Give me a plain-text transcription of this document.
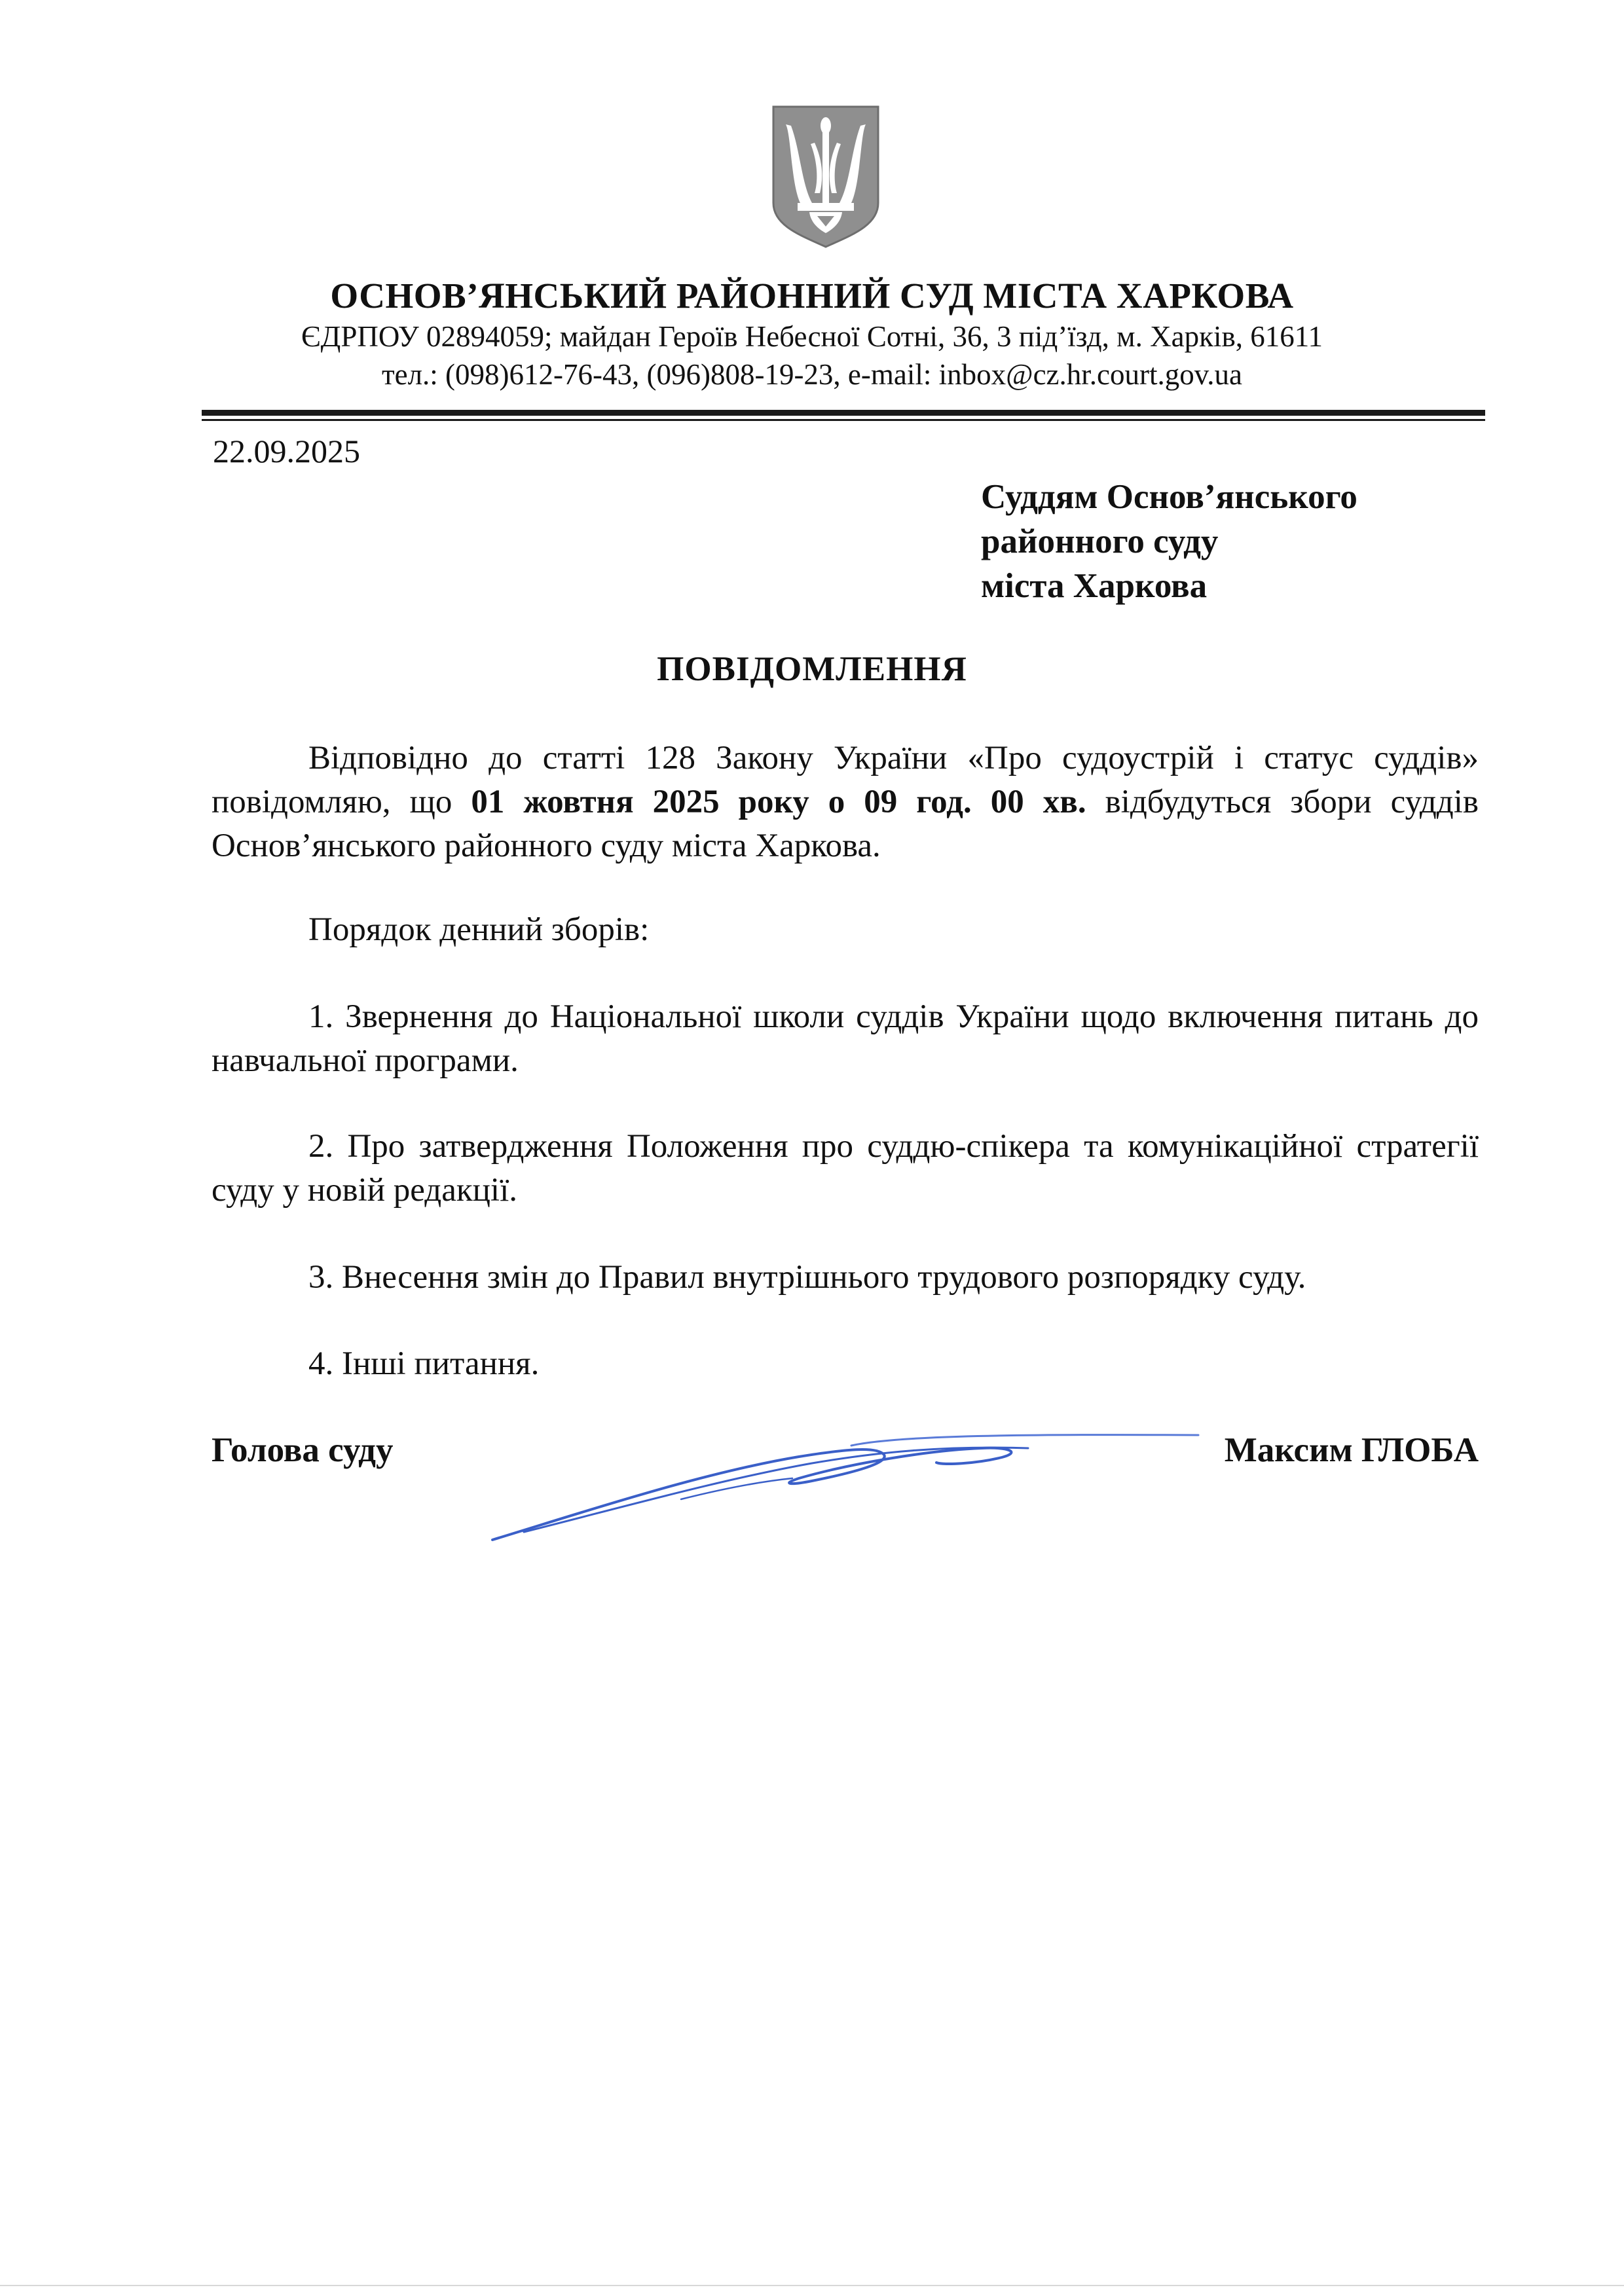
ОСНОВ’ЯНСЬКИЙ РАЙОННИЙ СУД МІСТА ХАРКОВА
ЄДРПОУ 02894059; майдан Героїв Небесної Сотні, 36, 3 під’їзд, м. Харків, 61611
тел.: (098)612-76-43, (096)808-19-23, e-mail: inbox@cz.hr.court.gov.ua
22.09.2025
Суддям Основ’янського
районного суду
міста Харкова
ПОВІДОМЛЕННЯ
Відповідно до статті 128 Закону України «Про судоустрій і статус суддів» повідомляю, що 01 жовтня 2025 року о 09 год. 00 хв. відбудуться збори суддів Основ’янського районного суду міста Харкова.
Порядок денний зборів:
1. Звернення до Національної школи суддів України щодо включення питань до навчальної програми.
2. Про затвердження Положення про суддю-спікера та комунікаційної стратегії суду у новій редакції.
3. Внесення змін до Правил внутрішнього трудового розпорядку суду.
4. Інші питання.
Голова суду	Максим ГЛОБА
